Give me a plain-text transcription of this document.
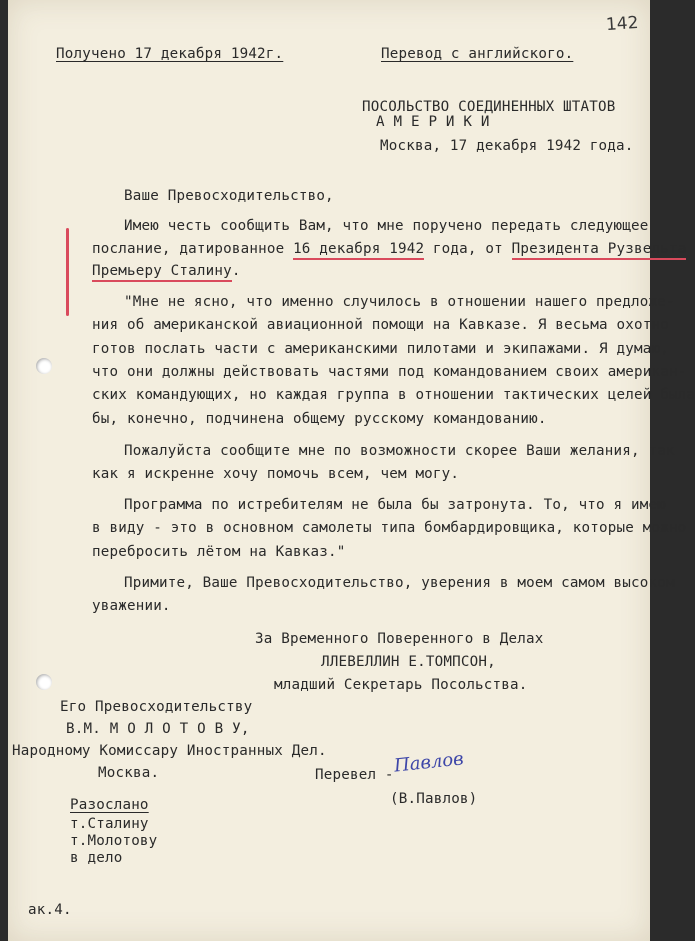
142
Получено 17 декабря 1942г.	Перевод с английского.
ПОСОЛЬСТВО СОЕДИНЕННЫХ ШТАТОВ
А М Е Р И К И
Москва, 17 декабря 1942 года.
Ваше Превосходительство,
Имею честь сообщить Вам, что мне поручено передать следующее
послание, датированное 16 декабря 1942 года, от Президента Рузвельта
Премьеру Сталину.
"Мне не ясно, что именно случилось в отношении нашего предложе-
ния об американской авиационной помощи на Кавказе. Я весьма охотно
готов послать части с американскими пилотами и экипажами. Я думаю,
что они должны действовать частями под командованием своих американ-
ских командующих, но каждая группа в отношении тактических целей была
бы, конечно, подчинена общему русскому командованию.
Пожалуйста сообщите мне по возможности скорее Ваши желания, так
как я искренне хочу помочь всем, чем могу.
Программа по истребителям не была бы затронута. То, что я имею
в виду - это в основном самолеты типа бомбардировщика, которые можно
перебросить лётом на Кавказ."
Примите, Ваше Превосходительство, уверения в моем самом высоком
уважении.
За Временного Поверенного в Делах
ЛЛЕВЕЛЛИН Е.ТОМПСОН,
младший Секретарь Посольства.
Его Превосходительству
В.М. М О Л О Т О В У,
Народному Комиссару Иностранных Дел.
Москва.	Перевел - Павлов
(В.Павлов)
Разослано
т.Сталину
т.Молотову
в дело
ак.4.
